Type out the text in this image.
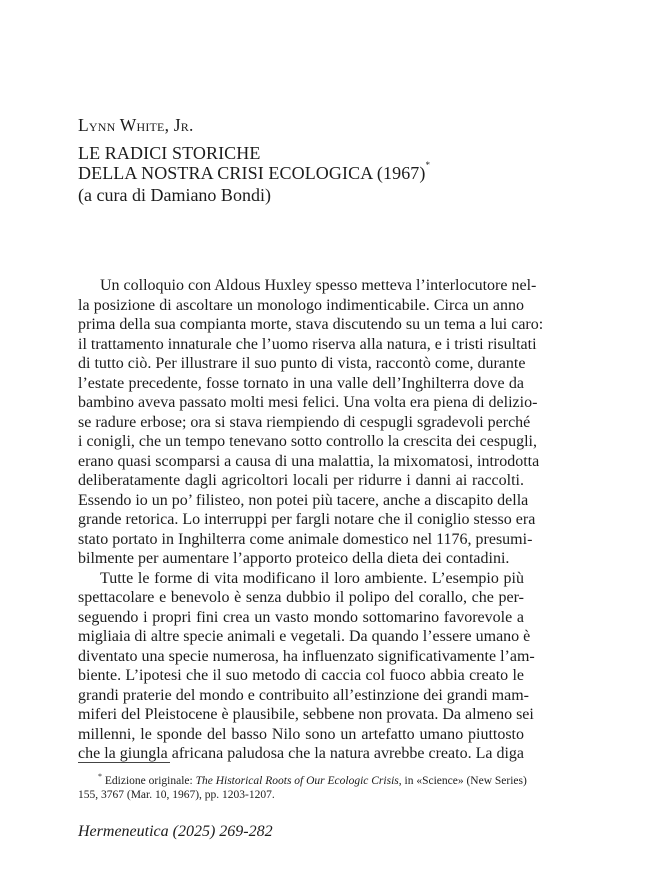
Lynn White, Jr.
LE RADICI STORICHE
DELLA NOSTRA CRISI ECOLOGICA (1967)*
(a cura di Damiano Bondi)
Un colloquio con Aldous Huxley spesso metteva l’interlocutore nel-
la posizione di ascoltare un monologo indimenticabile. Circa un anno
prima della sua compianta morte, stava discutendo su un tema a lui caro:
il trattamento innaturale che l’uomo riserva alla natura, e i tristi risultati
di tutto ciò. Per illustrare il suo punto di vista, raccontò come, durante
l’estate precedente, fosse tornato in una valle dell’Inghilterra dove da
bambino aveva passato molti mesi felici. Una volta era piena di delizio-
se radure erbose; ora si stava riempiendo di cespugli sgradevoli perché
i conigli, che un tempo tenevano sotto controllo la crescita dei cespugli,
erano quasi scomparsi a causa di una malattia, la mixomatosi, introdotta
deliberatamente dagli agricoltori locali per ridurre i danni ai raccolti.
Essendo io un po’ filisteo, non potei più tacere, anche a discapito della
grande retorica. Lo interruppi per fargli notare che il coniglio stesso era
stato portato in Inghilterra come animale domestico nel 1176, presumi-
bilmente per aumentare l’apporto proteico della dieta dei contadini.
Tutte le forme di vita modificano il loro ambiente. L’esempio più
spettacolare e benevolo è senza dubbio il polipo del corallo, che per-
seguendo i propri fini crea un vasto mondo sottomarino favorevole a
migliaia di altre specie animali e vegetali. Da quando l’essere umano è
diventato una specie numerosa, ha influenzato significativamente l’am-
biente. L’ipotesi che il suo metodo di caccia col fuoco abbia creato le
grandi praterie del mondo e contribuito all’estinzione dei grandi mam-
miferi del Pleistocene è plausibile, sebbene non provata. Da almeno sei
millenni, le sponde del basso Nilo sono un artefatto umano piuttosto
che la giungla africana paludosa che la natura avrebbe creato. La diga
* Edizione originale: The Historical Roots of Our Ecologic Crisis, in «Science» (New Series)
155, 3767 (Mar. 10, 1967), pp. 1203-1207.
Hermeneutica (2025) 269-282
